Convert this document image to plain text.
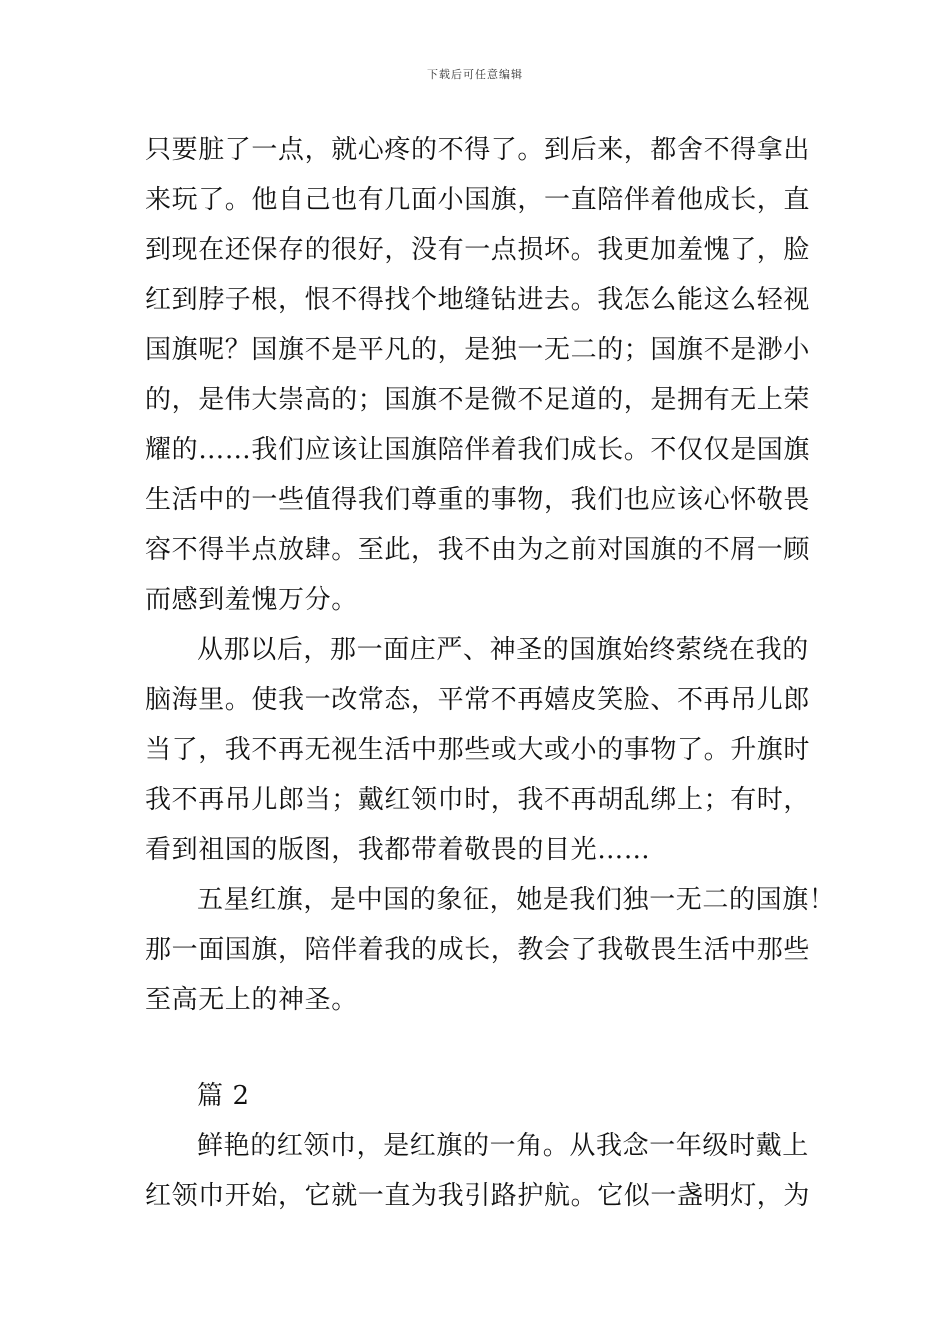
下载后可任意编辑
只要脏了一点，就心疼的不得了。到后来，都舍不得拿出
来玩了。他自己也有几面小国旗，一直陪伴着他成长，直
到现在还保存的很好，没有一点损坏。我更加羞愧了，脸
红到脖子根，恨不得找个地缝钻进去。我怎么能这么轻视
国旗呢？国旗不是平凡的，是独一无二的；国旗不是渺小
的，是伟大崇高的；国旗不是微不足道的，是拥有无上荣
耀的……我们应该让国旗陪伴着我们成长。不仅仅是国旗
生活中的一些值得我们尊重的事物，我们也应该心怀敬畏
容不得半点放肆。至此，我不由为之前对国旗的不屑一顾
而感到羞愧万分。
从那以后，那一面庄严、神圣的国旗始终萦绕在我的
脑海里。使我一改常态，平常不再嬉皮笑脸、不再吊儿郎
当了，我不再无视生活中那些或大或小的事物了。升旗时
我不再吊儿郎当；戴红领巾时，我不再胡乱绑上；有时，
看到祖国的版图，我都带着敬畏的目光……
五星红旗，是中国的象征，她是我们独一无二的国旗！
那一面国旗，陪伴着我的成长，教会了我敬畏生活中那些
至高无上的神圣。
篇 2
鲜艳的红领巾，是红旗的一角。从我念一年级时戴上
红领巾开始，它就一直为我引路护航。它似一盏明灯，为
